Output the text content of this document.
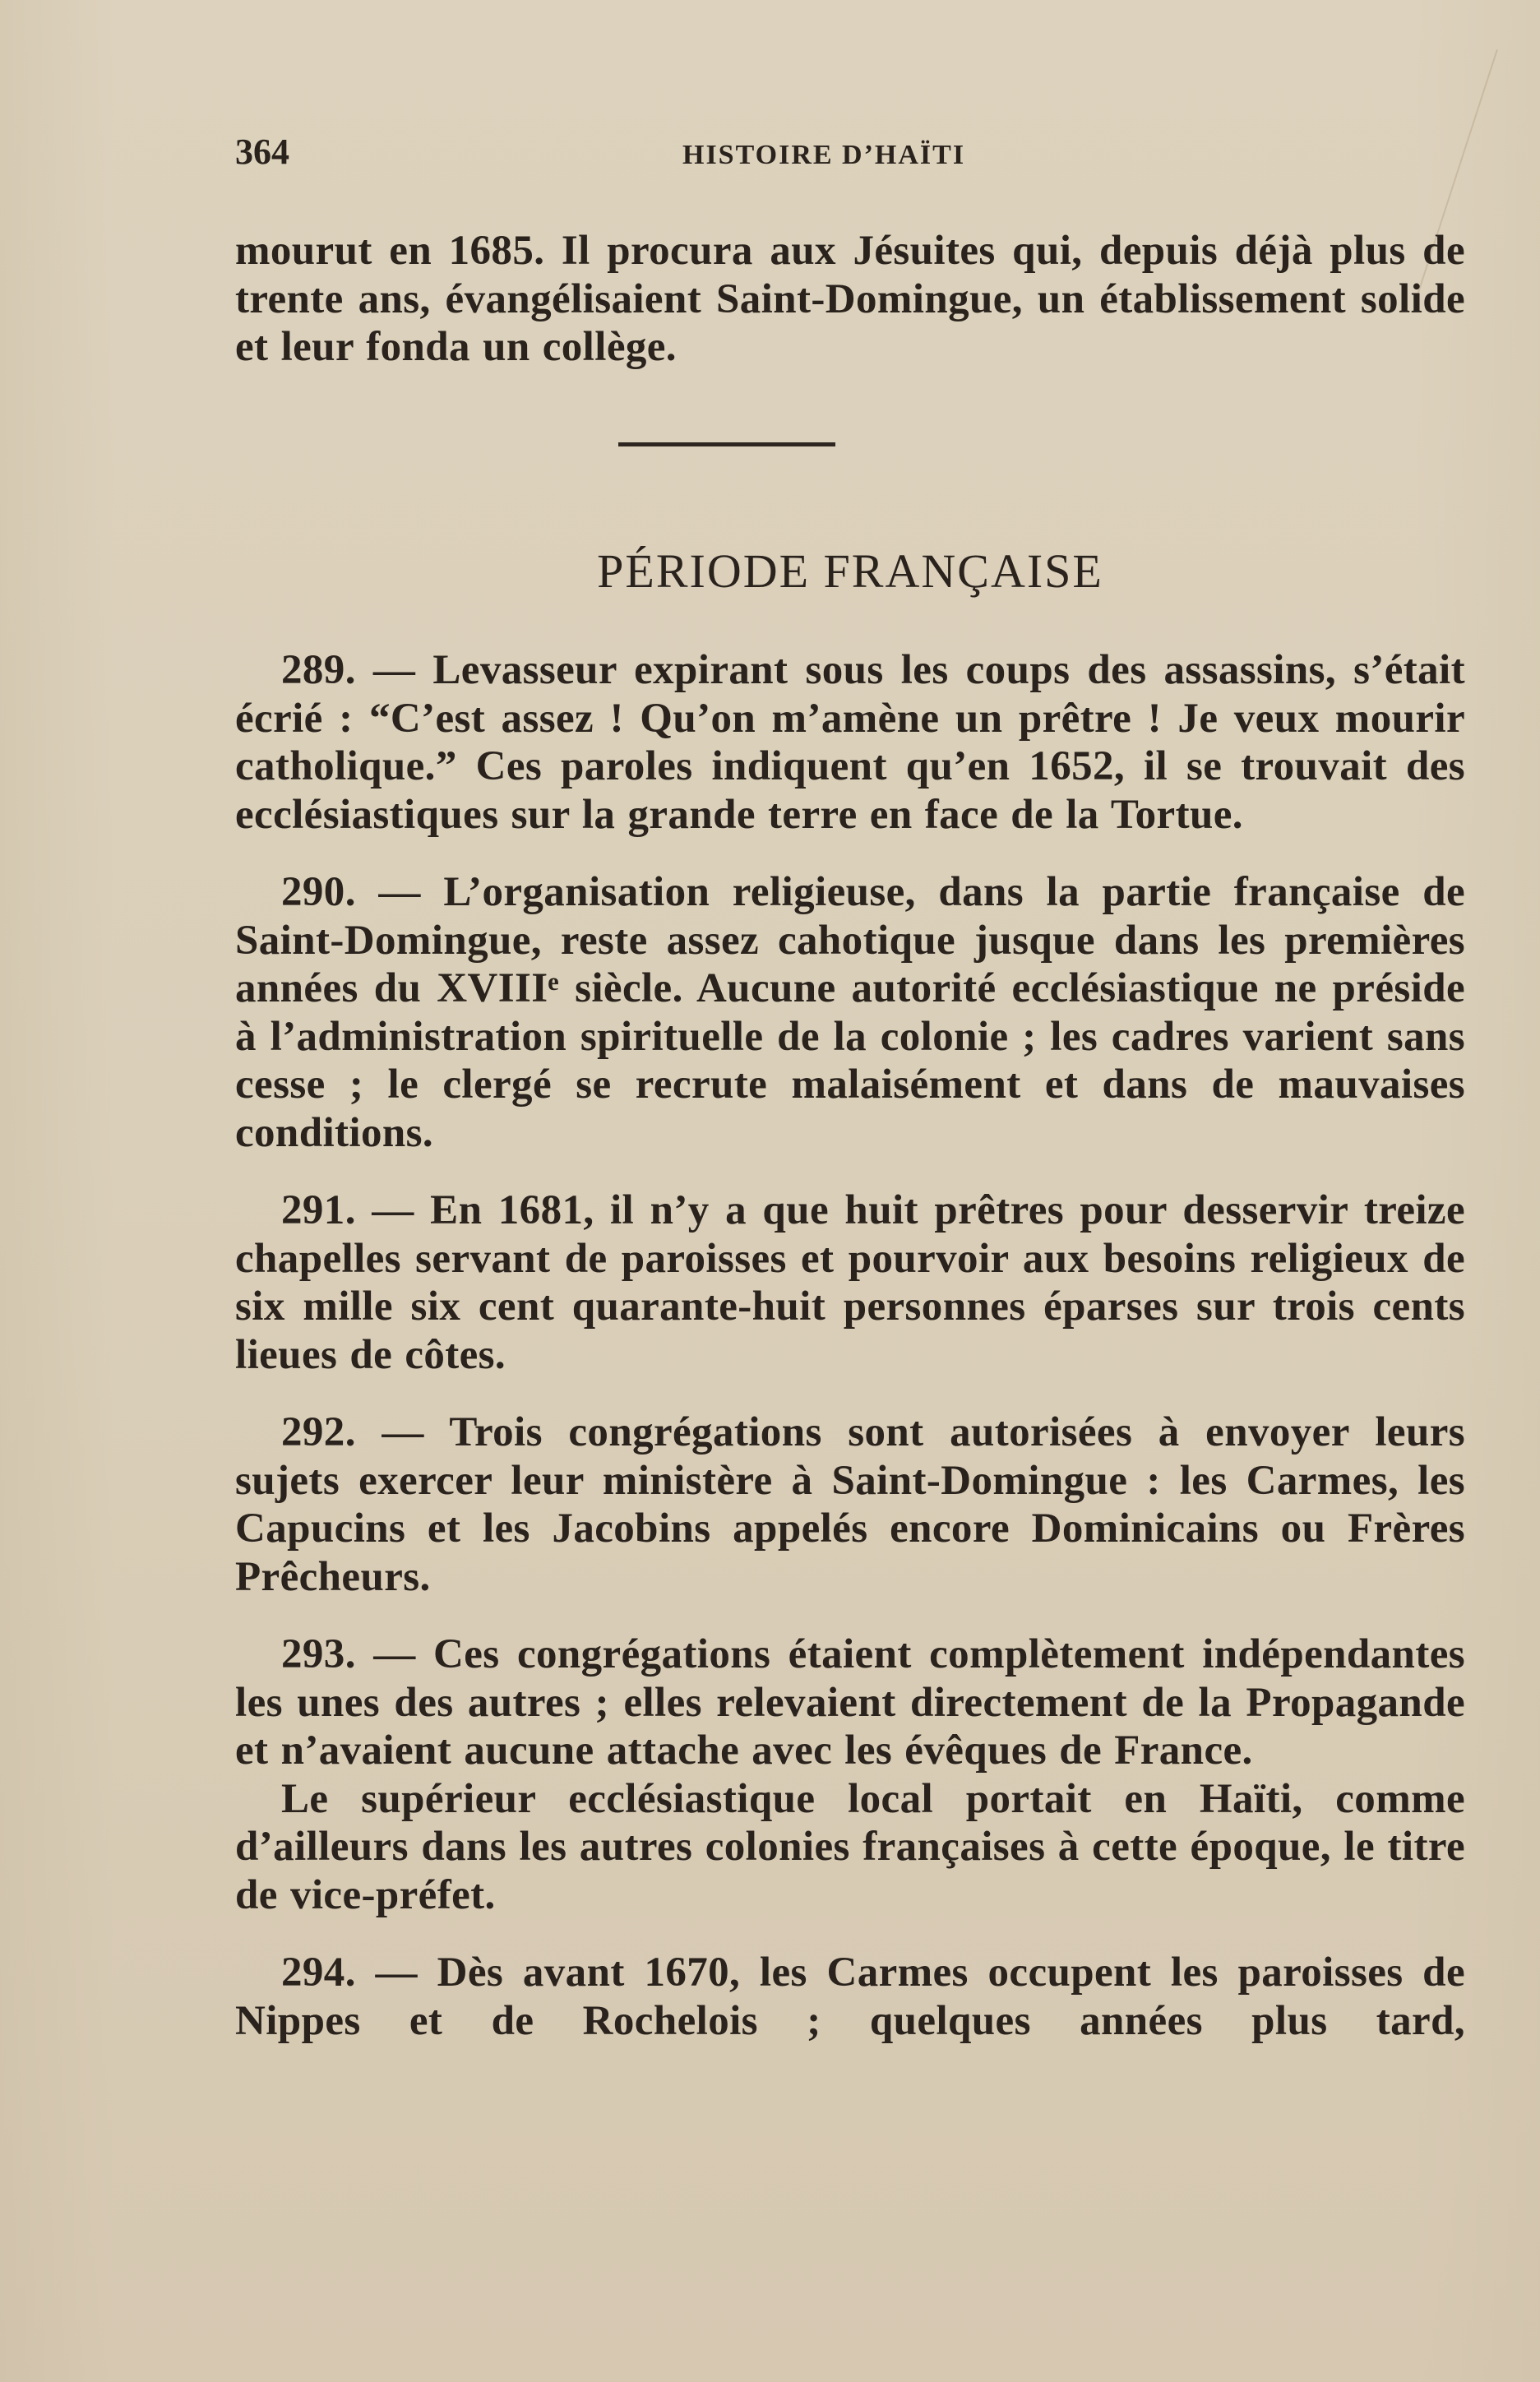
364	HISTOIRE D’HAÏTI

mourut en 1685. Il procura aux Jésuites qui, depuis déjà plus de trente ans, évangélisaient Saint-Domingue, un établissement solide et leur fonda un collège.

PÉRIODE FRANÇAISE

289. — Levasseur expirant sous les coups des assassins, s’était écrié : “C’est assez ! Qu’on m’amène un prêtre ! Je veux mourir catholique.” Ces paroles indiquent qu’en 1652, il se trouvait des ecclésiastiques sur la grande terre en face de la Tortue.

290. — L’organisation religieuse, dans la partie française de Saint-Domingue, reste assez cahotique jusque dans les premières années du XVIIIᵉ siècle. Aucune autorité ecclésiastique ne préside à l’administration spirituelle de la colonie ; les cadres varient sans cesse ; le clergé se recrute malaisément et dans de mauvaises conditions.

291. — En 1681, il n’y a que huit prêtres pour desservir treize chapelles servant de paroisses et pourvoir aux besoins religieux de six mille six cent quarante-huit personnes éparses sur trois cents lieues de côtes.

292. — Trois congrégations sont autorisées à envoyer leurs sujets exercer leur ministère à Saint-Domingue : les Carmes, les Capucins et les Jacobins appelés encore Dominicains ou Frères Prêcheurs.

293. — Ces congrégations étaient complètement indépendantes les unes des autres ; elles relevaient directement de la Propagande et n’avaient aucune attache avec les évêques de France.

Le supérieur ecclésiastique local portait en Haïti, comme d’ailleurs dans les autres colonies françaises à cette époque, le titre de vice-préfet.

294. — Dès avant 1670, les Carmes occupent les paroisses de Nippes et de Rochelois ; quelques années plus tard,
